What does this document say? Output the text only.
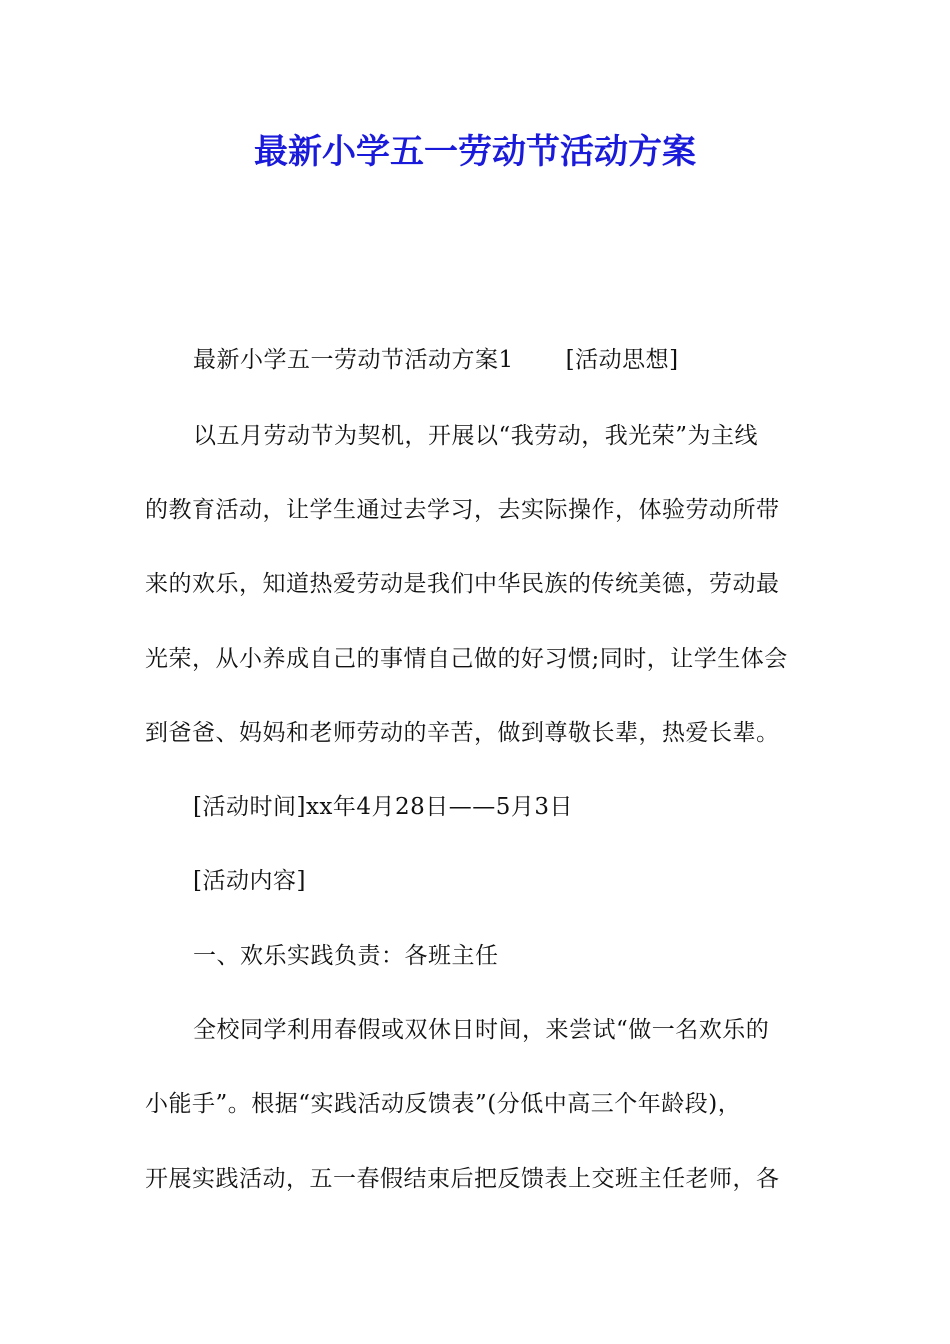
最新小学五一劳动节活动方案
最新小学五一劳动节活动方案1 [活动思想]
以五月劳动节为契机，开展以“我劳动，我光荣”为主线
的教育活动，让学生通过去学习，去实际操作，体验劳动所带
来的欢乐，知道热爱劳动是我们中华民族的传统美德，劳动最
光荣，从小养成自己的事情自己做的好习惯;同时，让学生体会
到爸爸、妈妈和老师劳动的辛苦，做到尊敬长辈，热爱长辈。
[活动时间]xx年4月28日——5月3日
[活动内容]
一、欢乐实践负责：各班主任
全校同学利用春假或双休日时间，来尝试“做一名欢乐的
小能手”。根据“实践活动反馈表”(分低中高三个年龄段)，
开展实践活动，五一春假结束后把反馈表上交班主任老师，各
